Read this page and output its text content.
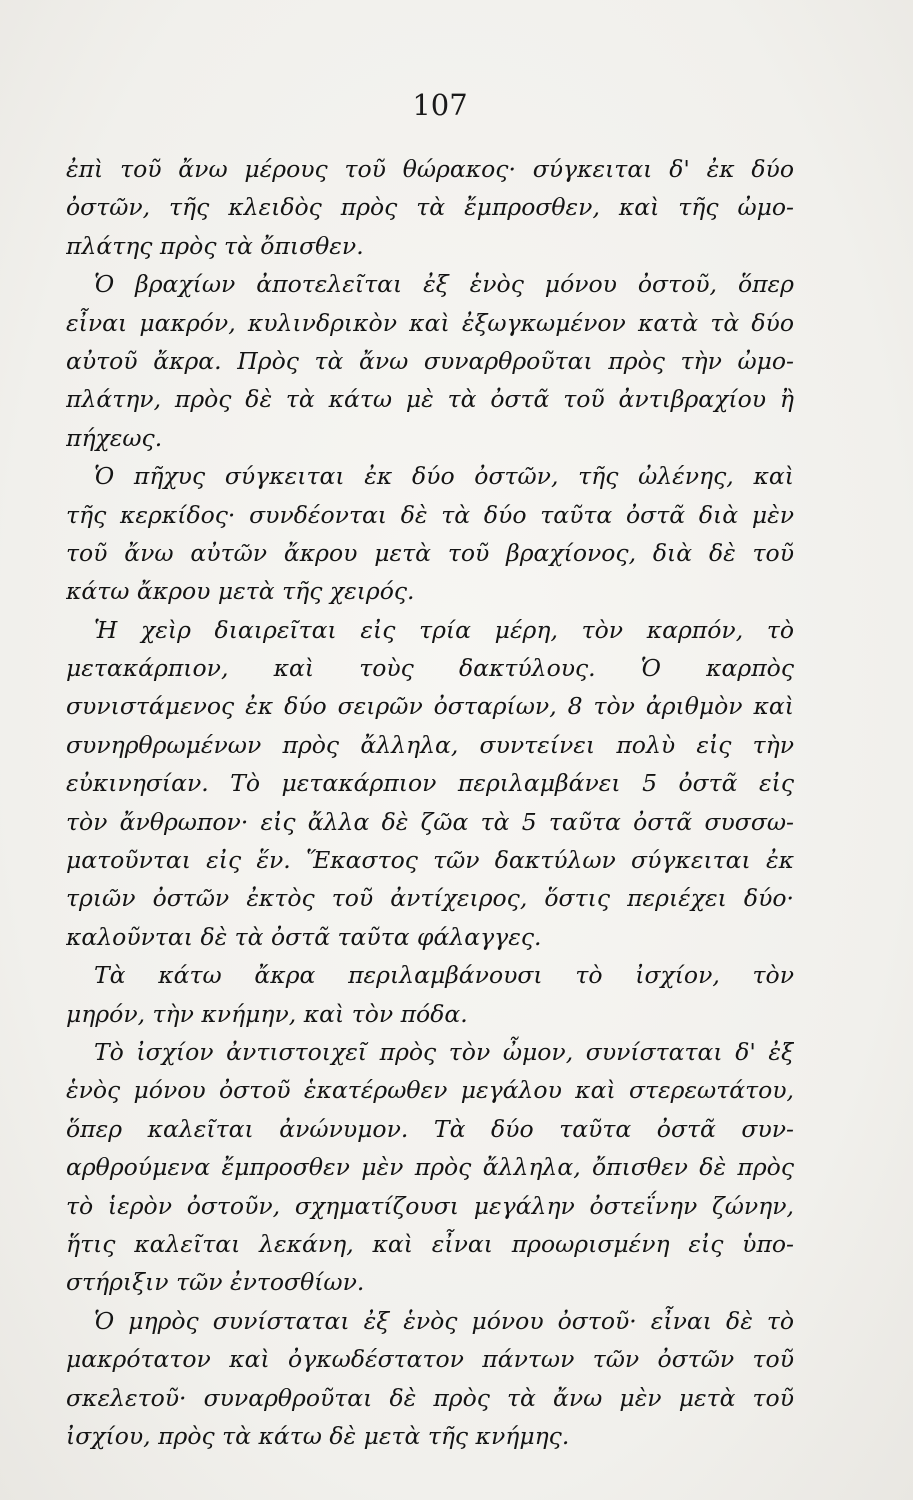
107
ἐπὶ τοῦ ἄνω μέρους τοῦ θώρακος· σύγκειται δ' ἐκ δύο
ὀστῶν, τῆς κλειδὸς πρὸς τὰ ἔμπροσθεν, καὶ τῆς ὠμο-
πλάτης πρὸς τὰ ὄπισθεν.
Ὁ βραχίων ἀποτελεῖται ἐξ ἑνὸς μόνου ὀστοῦ, ὅπερ
εἶναι μακρόν, κυλινδρικὸν καὶ ἐξωγκωμένον κατὰ τὰ δύο
αὐτοῦ ἄκρα. Πρὸς τὰ ἄνω συναρθροῦται πρὸς τὴν ὠμο-
πλάτην, πρὸς δὲ τὰ κάτω μὲ τὰ ὀστᾶ τοῦ ἀντιβραχίου ἢ
πήχεως.
Ὁ πῆχυς σύγκειται ἐκ δύο ὀστῶν, τῆς ὠλένης, καὶ
τῆς κερκίδος· συνδέονται δὲ τὰ δύο ταῦτα ὀστᾶ διὰ μὲν
τοῦ ἄνω αὐτῶν ἄκρου μετὰ τοῦ βραχίονος, διὰ δὲ τοῦ
κάτω ἄκρου μετὰ τῆς χειρός.
Ἡ χεὶρ διαιρεῖται εἰς τρία μέρη, τὸν καρπόν, τὸ
μετακάρπιον, καὶ τοὺς δακτύλους. Ὁ καρπὸς
συνιστάμενος ἐκ δύο σειρῶν ὀσταρίων, 8 τὸν ἀριθμὸν καὶ
συνηρθρωμένων πρὸς ἄλληλα, συντείνει πολὺ εἰς τὴν
εὐκινησίαν. Τὸ μετακάρπιον περιλαμβάνει 5 ὀστᾶ εἰς
τὸν ἄνθρωπον· εἰς ἄλλα δὲ ζῶα τὰ 5 ταῦτα ὀστᾶ συσσω-
ματοῦνται εἰς ἕν. Ἕκαστος τῶν δακτύλων σύγκειται ἐκ
τριῶν ὀστῶν ἐκτὸς τοῦ ἀντίχειρος, ὅστις περιέχει δύο·
καλοῦνται δὲ τὰ ὀστᾶ ταῦτα φάλαγγες.
Τὰ κάτω ἄκρα περιλαμβάνουσι τὸ ἰσχίον, τὸν
μηρόν, τὴν κνήμην, καὶ τὸν πόδα.
Τὸ ἰσχίον ἀντιστοιχεῖ πρὸς τὸν ὦμον, συνίσταται δ' ἐξ
ἑνὸς μόνου ὀστοῦ ἑκατέρωθεν μεγάλου καὶ στερεωτάτου,
ὅπερ καλεῖται ἀνώνυμον. Τὰ δύο ταῦτα ὀστᾶ συν-
αρθρούμενα ἔμπροσθεν μὲν πρὸς ἄλληλα, ὄπισθεν δὲ πρὸς
τὸ ἱερὸν ὀστοῦν, σχηματίζουσι μεγάλην ὀστεΐνην ζώνην,
ἥτις καλεῖται λεκάνη, καὶ εἶναι προωρισμένη εἰς ὑπο-
στήριξιν τῶν ἐντοσθίων.
Ὁ μηρὸς συνίσταται ἐξ ἑνὸς μόνου ὀστοῦ· εἶναι δὲ τὸ
μακρότατον καὶ ὀγκωδέστατον πάντων τῶν ὀστῶν τοῦ
σκελετοῦ· συναρθροῦται δὲ πρὸς τὰ ἄνω μὲν μετὰ τοῦ
ἰσχίου, πρὸς τὰ κάτω δὲ μετὰ τῆς κνήμης.
